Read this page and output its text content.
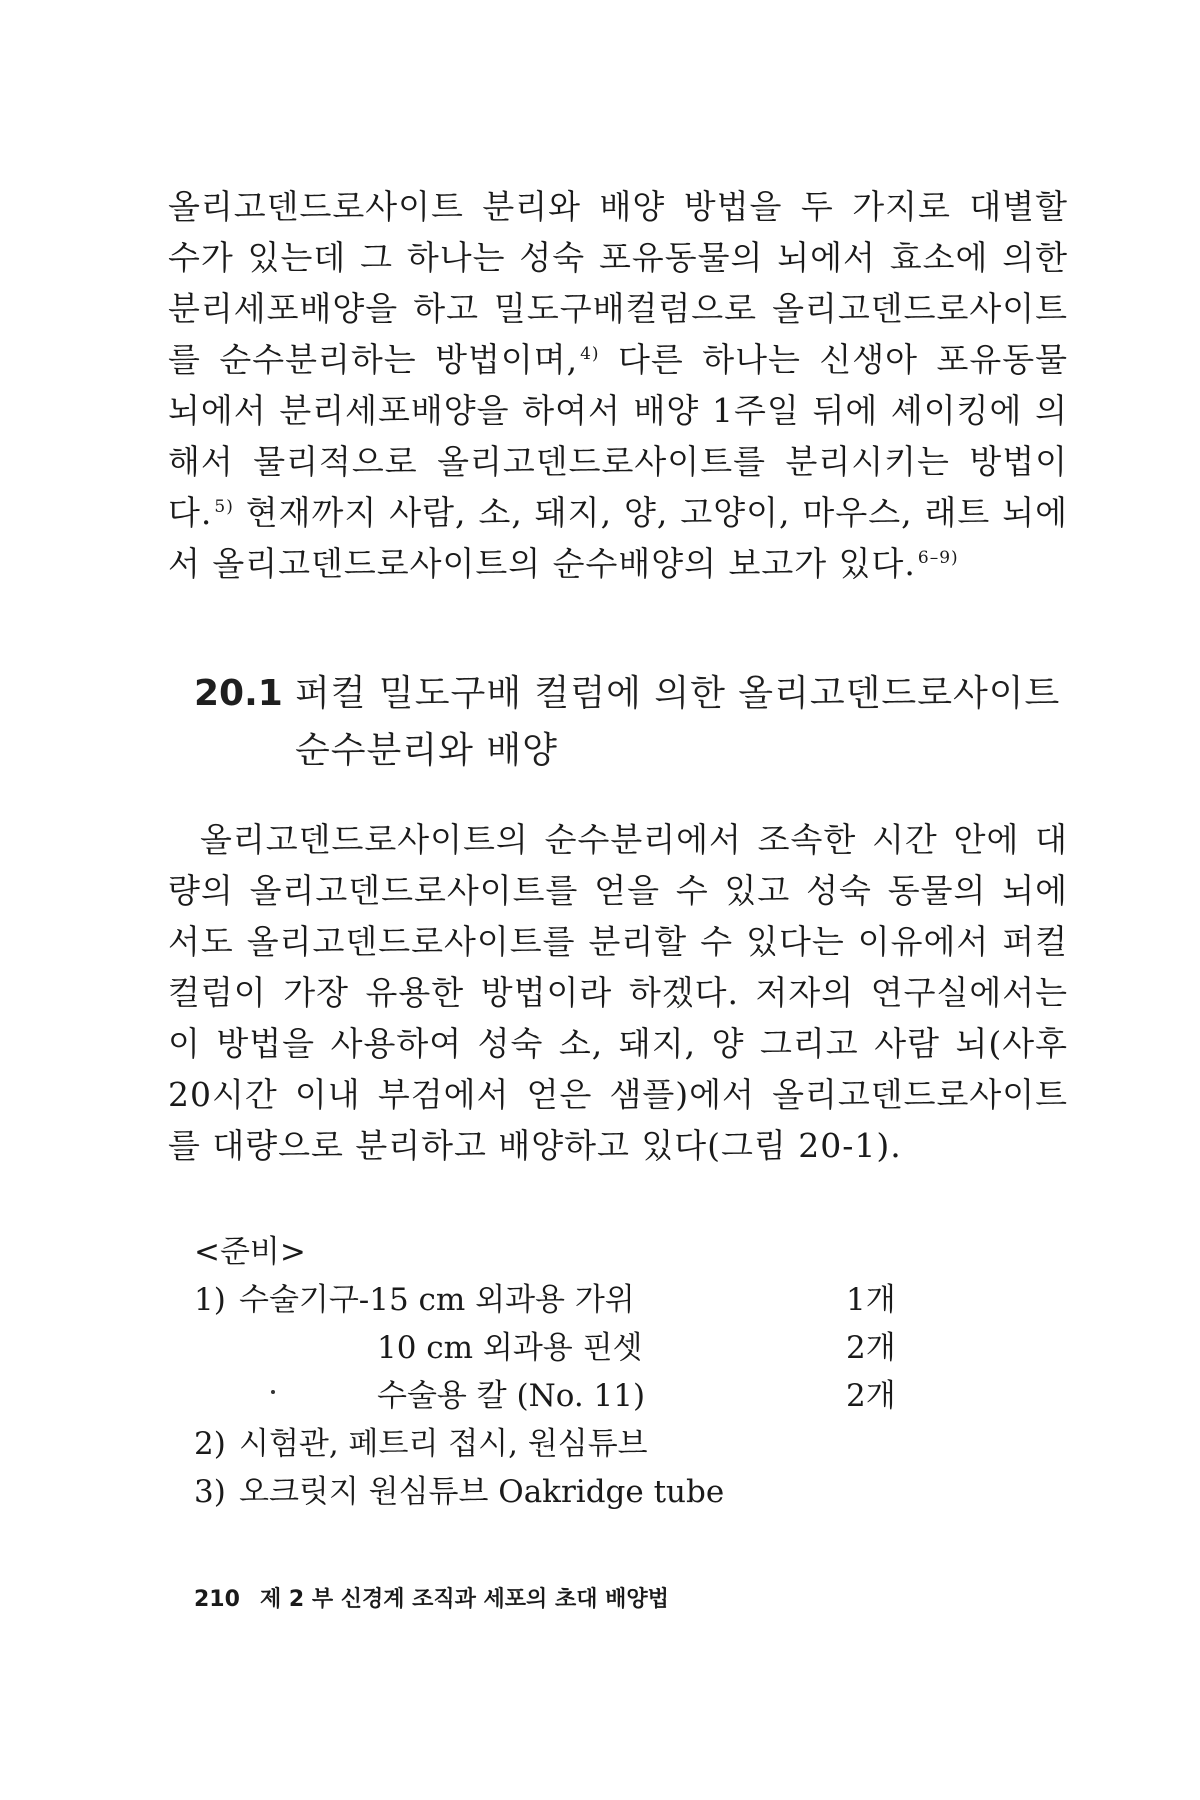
올리고덴드로사이트 분리와 배양 방법을 두 가지로 대별할 수가 있는데 그 하나는 성숙 포유동물의 뇌에서 효소에 의한 분리세포배양을 하고 밀도구배컬럼으로 올리고덴드로사이트를 순수분리하는 방법이며, $^{4)}$ 다른 하나는 신생아 포유동물 뇌에서 분리세포배양을 하여서 배양 1주일 뒤에 셰이킹에 의해서 물리적으로 올리고덴드로사이트를 분리시키는 방법이다. $^{5)}$ 현재까지 사람, 소, 돼지, 양, 고양이, 마우스, 래트 뇌에서 올리고덴드로사이트의 순수배양의 보고가 있다. $^{6-9)}$

20.1 퍼컬 밀도구배 컬럼에 의한 올리고덴드로사이트 순수분리와 배양

올리고덴드로사이트의 순수분리에서 조속한 시간 안에 대량의 올리고덴드로사이트를 얻을 수 있고 성숙 동물의 뇌에서도 올리고덴드로사이트를 분리할 수 있다는 이유에서 퍼컬 컬럼이 가장 유용한 방법이라 하겠다. 저자의 연구실에서는 이 방법을 사용하여 성숙 소, 돼지, 양 그리고 사람 뇌(사후 20시간 이내 부검에서 얻은 샘플)에서 올리고덴드로사이트를 대량으로 분리하고 배양하고 있다(그림 20-1).

<준비>
1) 수술기구-15 cm 외과용 가위	1개
10 cm 외과용 핀셋	2개
수술용 칼 (No. 11)	2개
2) 시험관, 페트리 접시, 원심튜브
3) 오크릿지 원심튜브 Oakridge tube
210 제 2 부 신경계 조직과 세포의 초대 배양법
